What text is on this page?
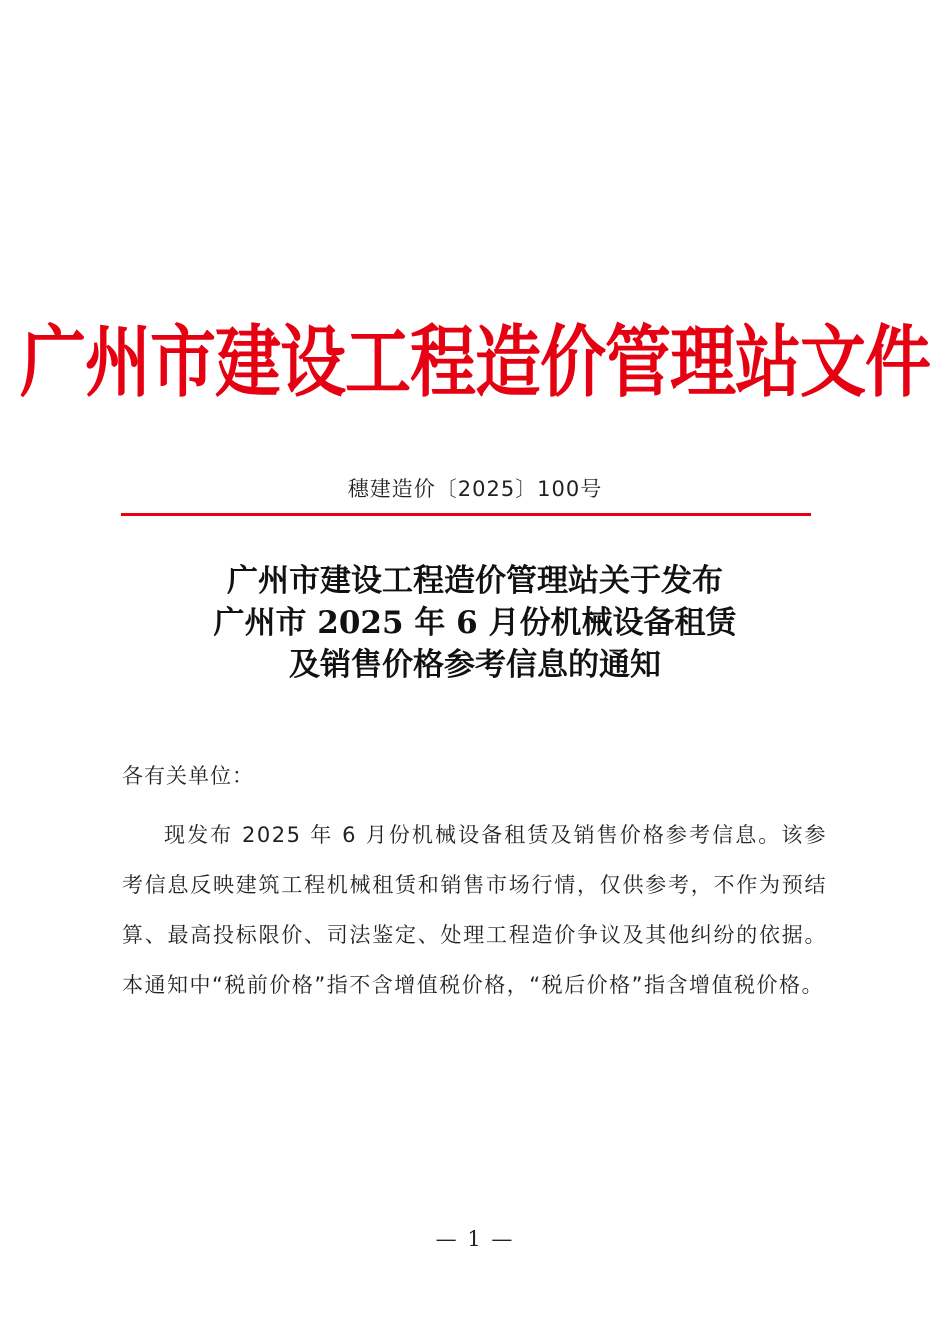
广州市建设工程造价管理站文件
穗建造价〔2025〕100号
广州市建设工程造价管理站关于发布
广州市 2025 年 6 月份机械设备租赁
及销售价格参考信息的通知
各有关单位：
现发布 2025 年 6 月份机械设备租赁及销售价格参考信息。该参考信息反映建筑工程机械租赁和销售市场行情，仅供参考，不作为预结算、最高投标限价、司法鉴定、处理工程造价争议及其他纠纷的依据。本通知中“税前价格”指不含增值税价格，“税后价格”指含增值税价格。
— 1 —
